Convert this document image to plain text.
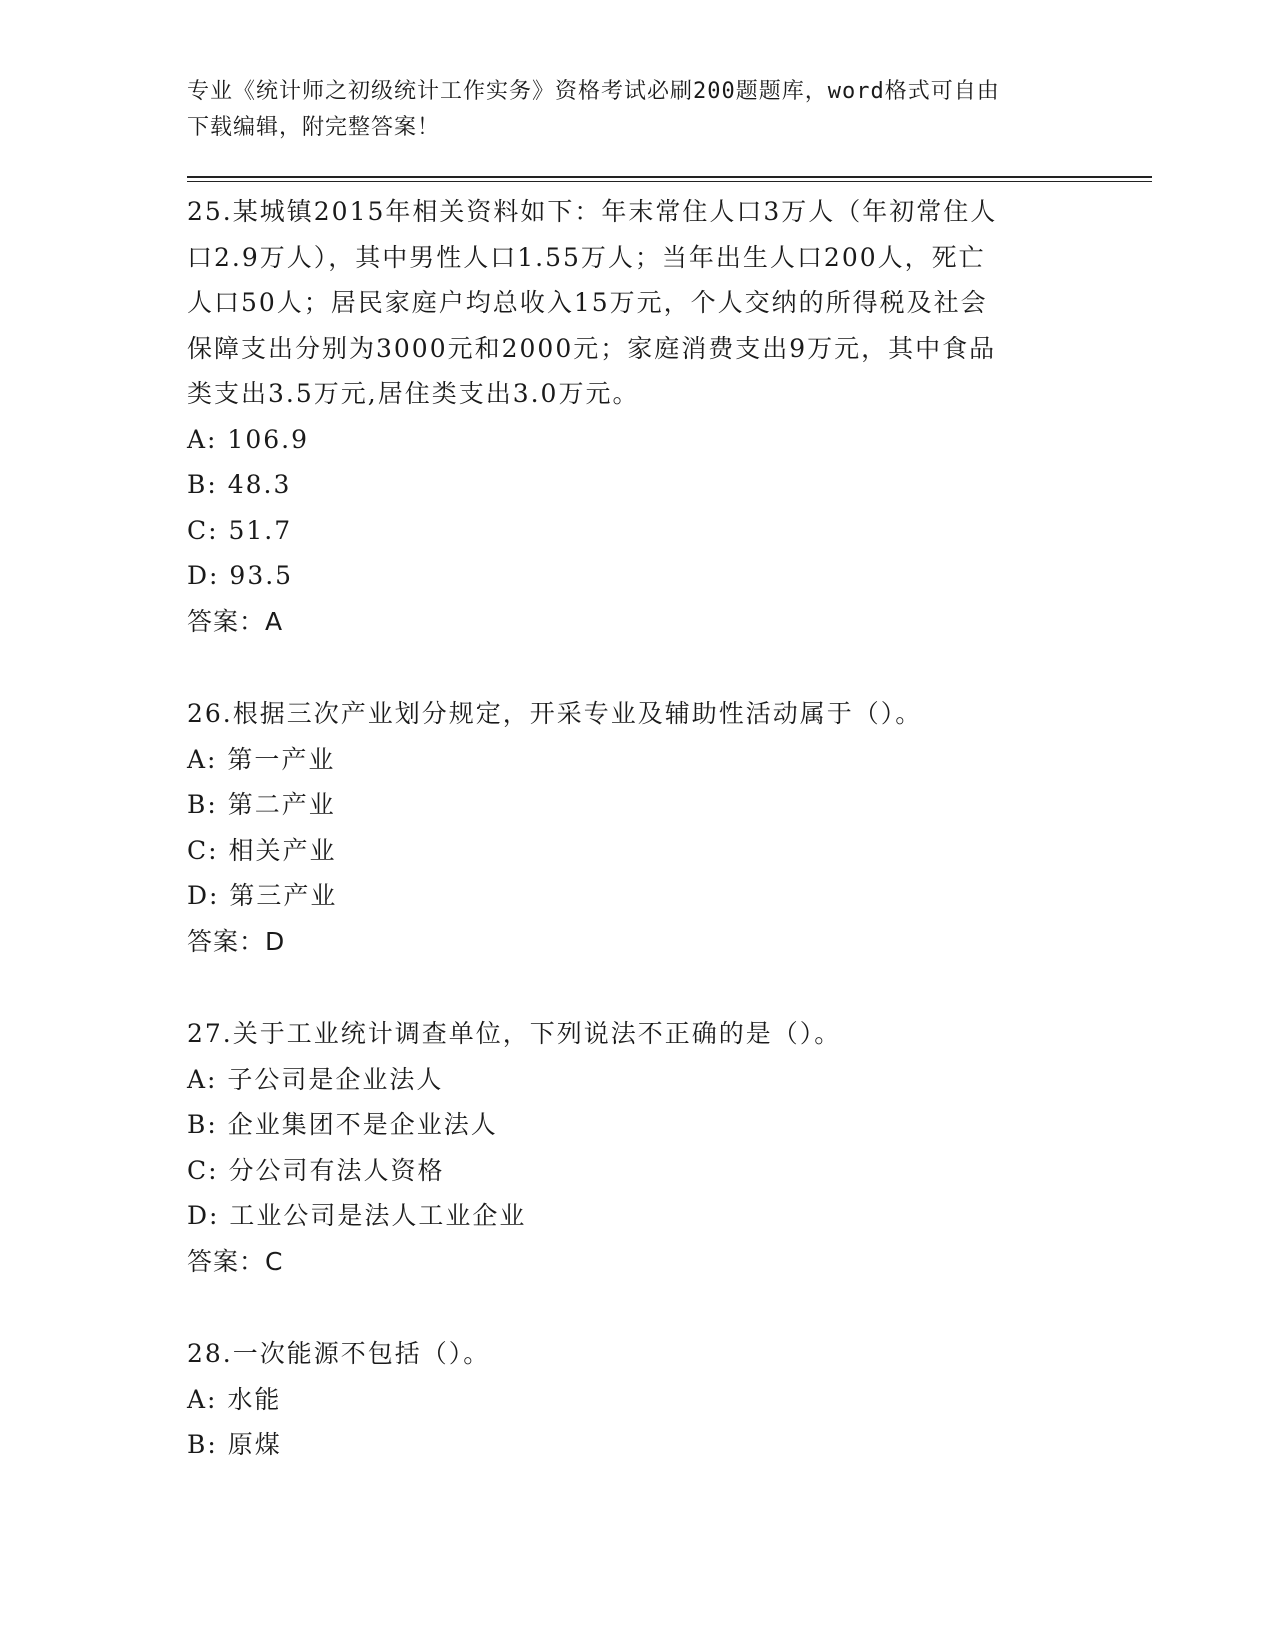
专业《统计师之初级统计工作实务》资格考试必刷200题题库，word格式可自由
下载编辑，附完整答案！
25.某城镇2015年相关资料如下：年末常住人口3万人（年初常住人
口2.9万人），其中男性人口1.55万人；当年出生人口200人，死亡
人口50人；居民家庭户均总收入15万元，个人交纳的所得税及社会
保障支出分别为3000元和2000元；家庭消费支出9万元，其中食品
类支出3.5万元,居住类支出3.0万元。
A: 106.9
B: 48.3
C: 51.7
D: 93.5
答案：A
26.根据三次产业划分规定，开采专业及辅助性活动属于（）。
A: 第一产业
B: 第二产业
C: 相关产业
D: 第三产业
答案：D
27.关于工业统计调查单位，下列说法不正确的是（）。
A: 子公司是企业法人
B: 企业集团不是企业法人
C: 分公司有法人资格
D: 工业公司是法人工业企业
答案：C
28.一次能源不包括（）。
A: 水能
B: 原煤
